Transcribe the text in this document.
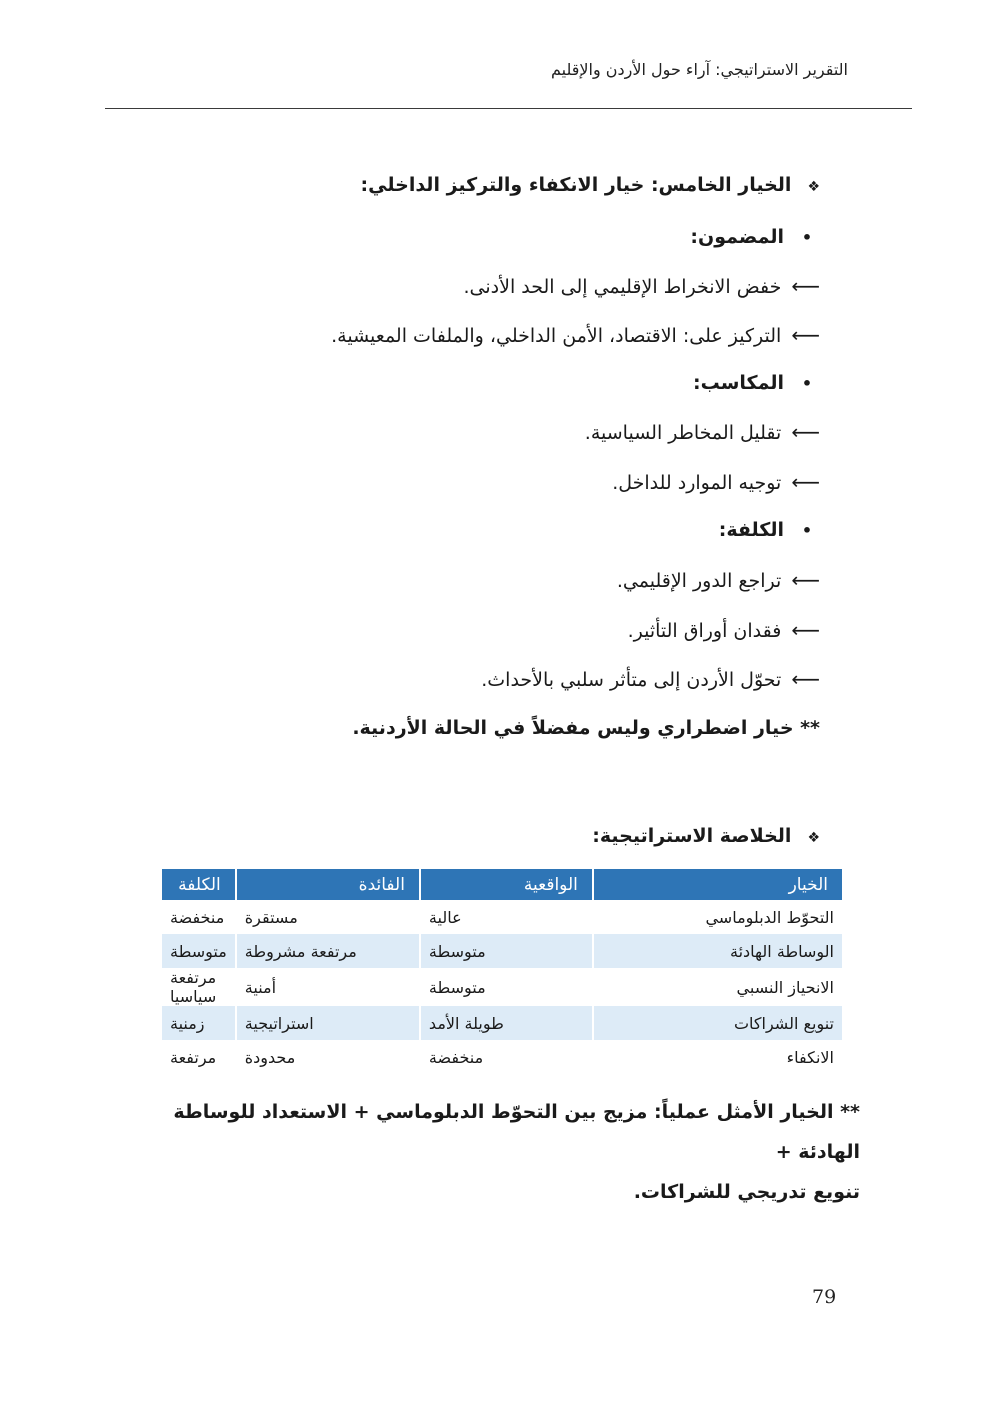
التقرير الاستراتيجي: آراء حول الأردن والإقليم
❖الخيار الخامس: خيار الانكفاء والتركيز الداخلي:
•المضمون:
⟵خفض الانخراط الإقليمي إلى الحد الأدنى.
⟵التركيز على: الاقتصاد، الأمن الداخلي، والملفات المعيشية.
•المكاسب:
⟵تقليل المخاطر السياسية.
⟵توجيه الموارد للداخل.
•الكلفة:
⟵تراجع الدور الإقليمي.
⟵فقدان أوراق التأثير.
⟵تحوّل الأردن إلى متأثر سلبي بالأحداث.
** خيار اضطراري وليس مفضلاً في الحالة الأردنية.
❖الخلاصة الاستراتيجية:
الخيار	الواقعية	الفائدة	الكلفة
التحوّط الدبلوماسي	عالية	مستقرة	منخفضة
الوساطة الهادئة	متوسطة	مرتفعة مشروطة	متوسطة
الانحياز النسبي	متوسطة	أمنية	مرتفعة سياسيا
تنويع الشراكات	طويلة الأمد	استراتيجية	زمنية
الانكفاء	منخفضة	محدودة	مرتفعة
** الخيار الأمثل عملياً: مزيج بين التحوّط الدبلوماسي + الاستعداد للوساطة الهادئة +
تنويع تدريجي للشراكات.
79
